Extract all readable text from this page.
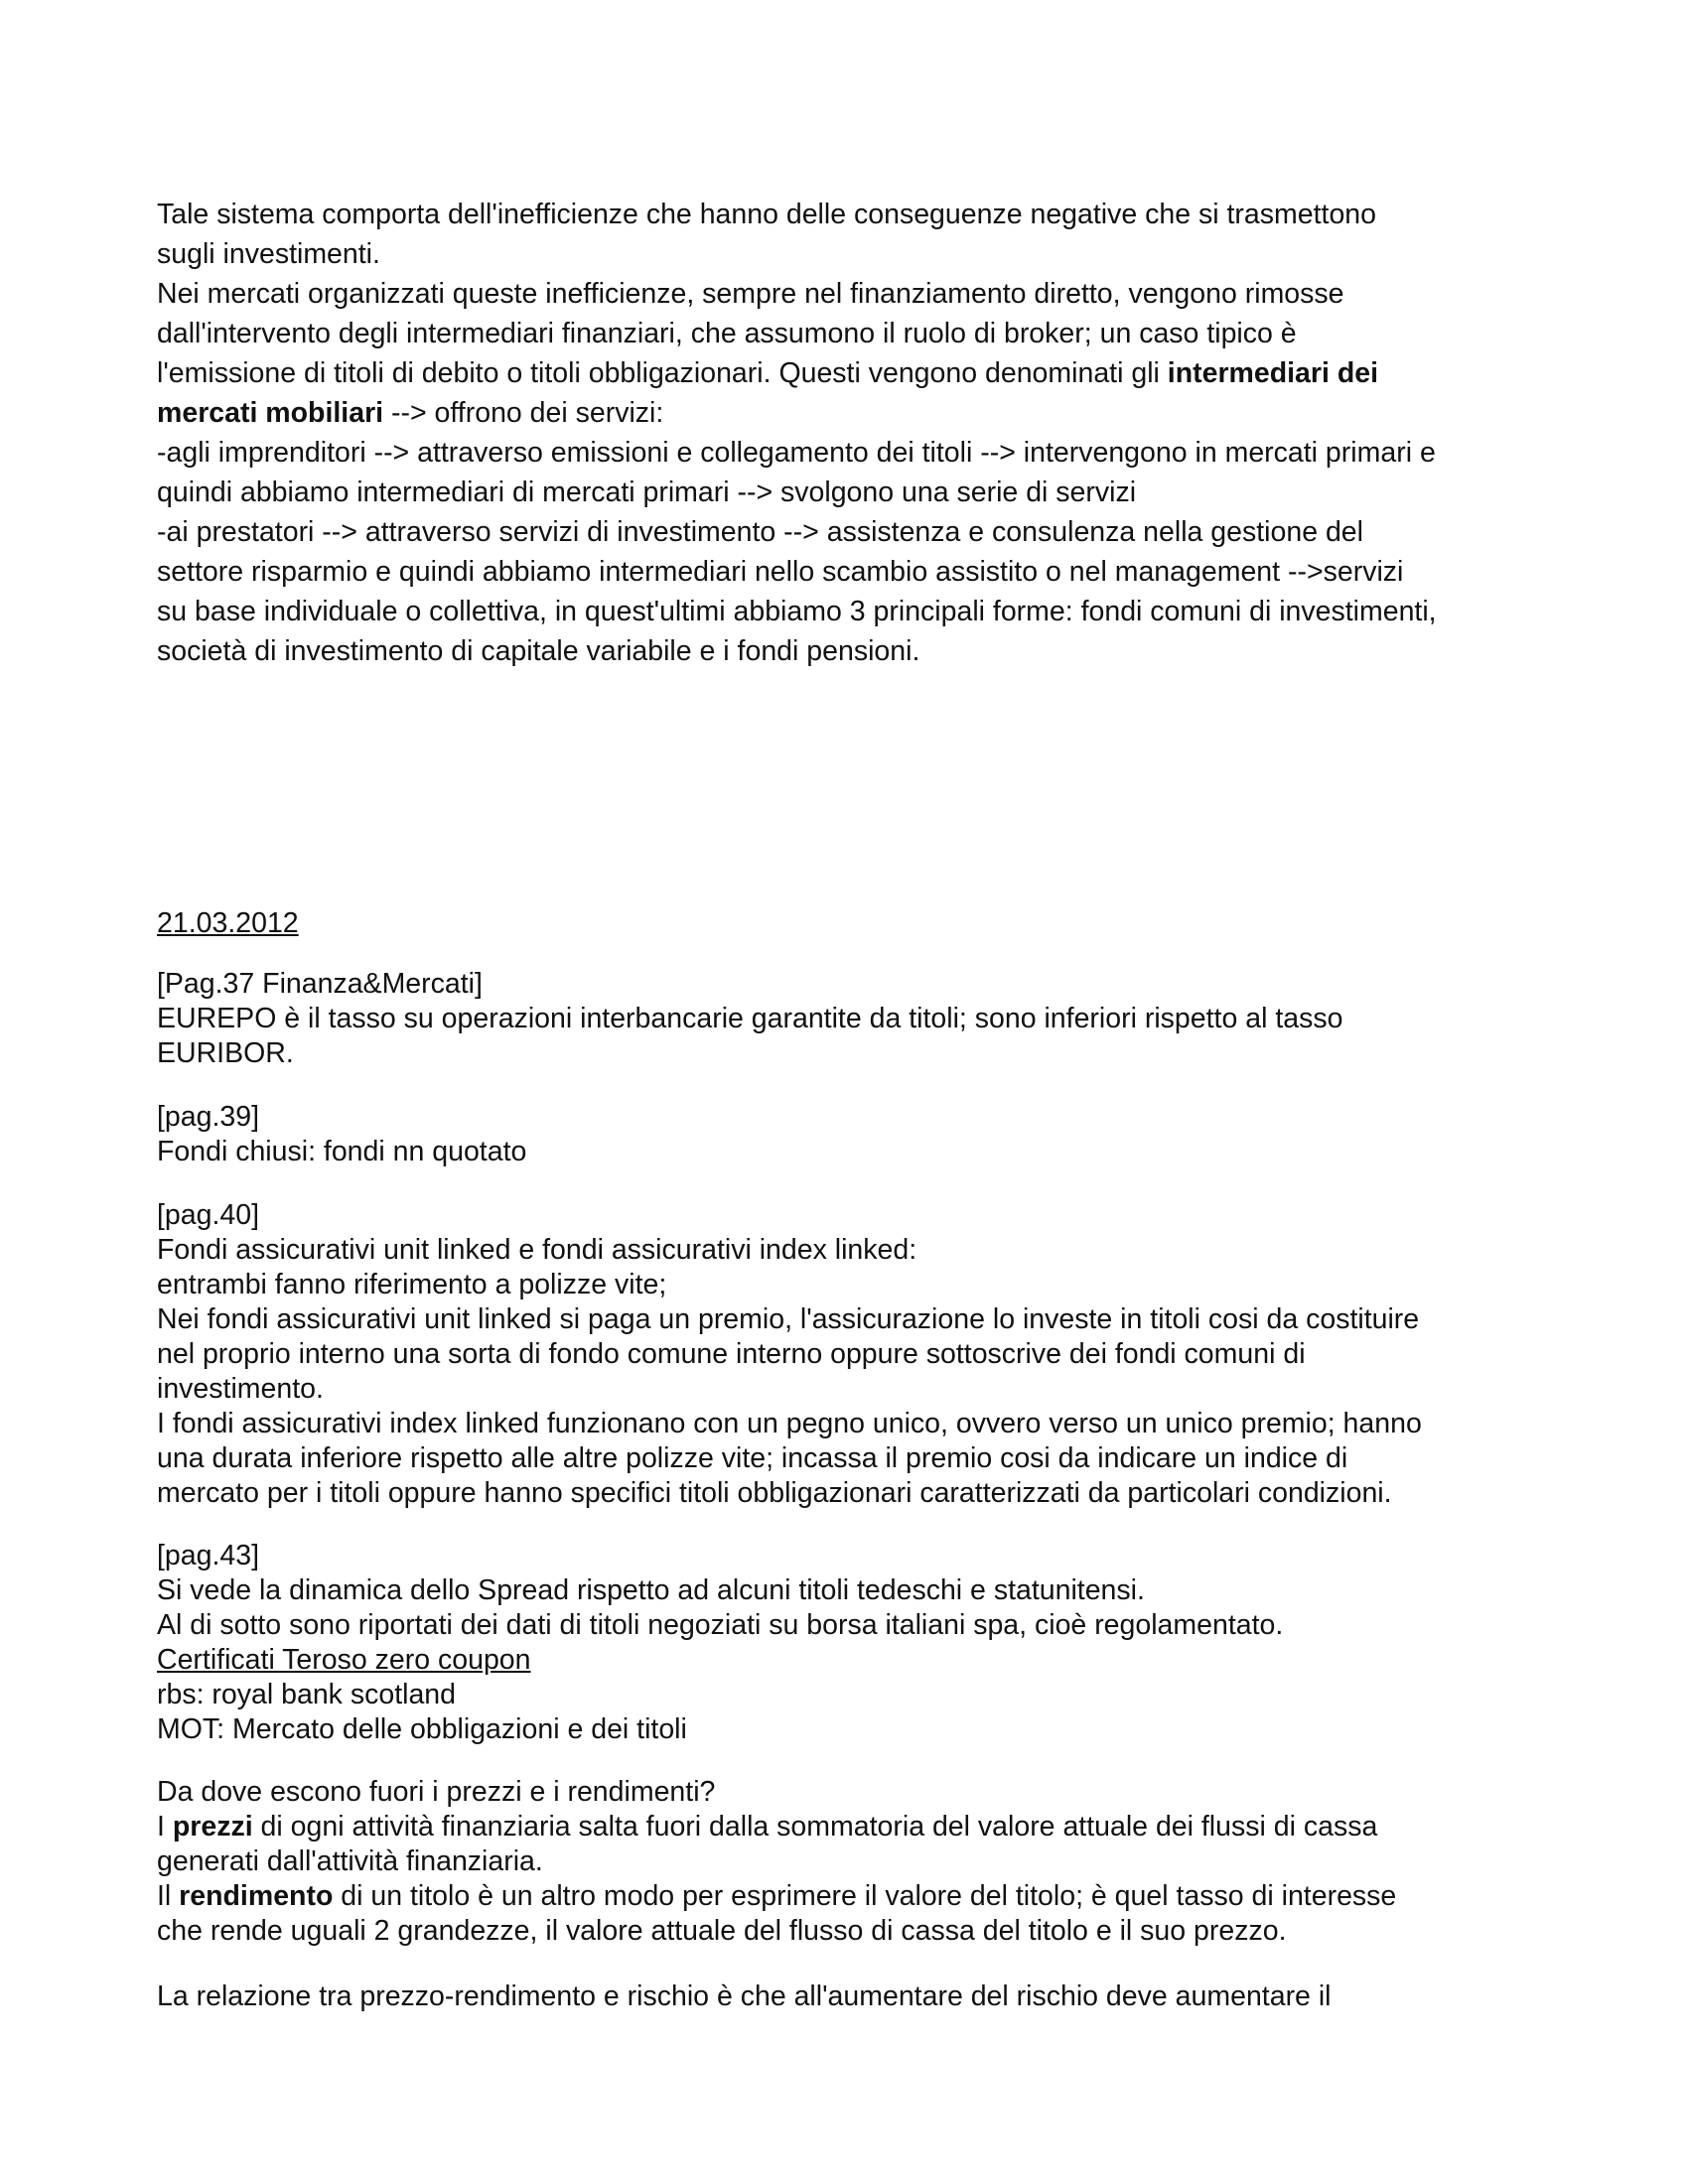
Tale sistema comporta dell'inefficienze che hanno delle conseguenze negative che si trasmettono
sugli investimenti.
Nei mercati organizzati queste inefficienze, sempre nel finanziamento diretto, vengono rimosse
dall'intervento degli intermediari finanziari, che assumono il ruolo di broker; un caso tipico è
l'emissione di titoli di debito o titoli obbligazionari. Questi vengono denominati gli intermediari dei
mercati mobiliari --> offrono dei servizi:
-agli imprenditori --> attraverso emissioni e collegamento dei titoli --> intervengono in mercati primari e
quindi abbiamo intermediari di mercati primari --> svolgono una serie di servizi
-ai prestatori --> attraverso servizi di investimento --> assistenza e consulenza nella gestione del
settore risparmio e quindi abbiamo intermediari nello scambio assistito o nel management -->servizi
su base individuale o collettiva, in quest'ultimi abbiamo 3 principali forme: fondi comuni di investimenti,
società di investimento di capitale variabile e i fondi pensioni.
21.03.2012
[Pag.37 Finanza&Mercati]
EUREPO è il tasso su operazioni interbancarie garantite da titoli; sono inferiori rispetto al tasso
EURIBOR.
[pag.39]
Fondi chiusi: fondi nn quotato
[pag.40]
Fondi assicurativi unit linked e fondi assicurativi index linked:
entrambi fanno riferimento a polizze vite;
Nei fondi assicurativi unit linked si paga un premio, l'assicurazione lo investe in titoli cosi da costituire
nel proprio interno una sorta di fondo comune interno oppure sottoscrive dei fondi comuni di
investimento.
I fondi assicurativi index linked funzionano con un pegno unico, ovvero verso un unico premio; hanno
una durata inferiore rispetto alle altre polizze vite; incassa il premio cosi da indicare un indice di
mercato per i titoli oppure hanno specifici titoli obbligazionari caratterizzati da particolari condizioni.
[pag.43]
Si vede la dinamica dello Spread rispetto ad alcuni titoli tedeschi e statunitensi.
Al di sotto sono riportati dei dati di titoli negoziati su borsa italiani spa, cioè regolamentato.
Certificati Teroso zero coupon
rbs: royal bank scotland
MOT: Mercato delle obbligazioni e dei titoli
Da dove escono fuori i prezzi e i rendimenti?
I prezzi di ogni attività finanziaria salta fuori dalla sommatoria del valore attuale dei flussi di cassa
generati dall'attività finanziaria.
Il rendimento di un titolo è un altro modo per esprimere il valore del titolo; è quel tasso di interesse
che rende uguali 2 grandezze, il valore attuale del flusso di cassa del titolo e il suo prezzo.
La relazione tra prezzo-rendimento e rischio è che all'aumentare del rischio deve aumentare il
